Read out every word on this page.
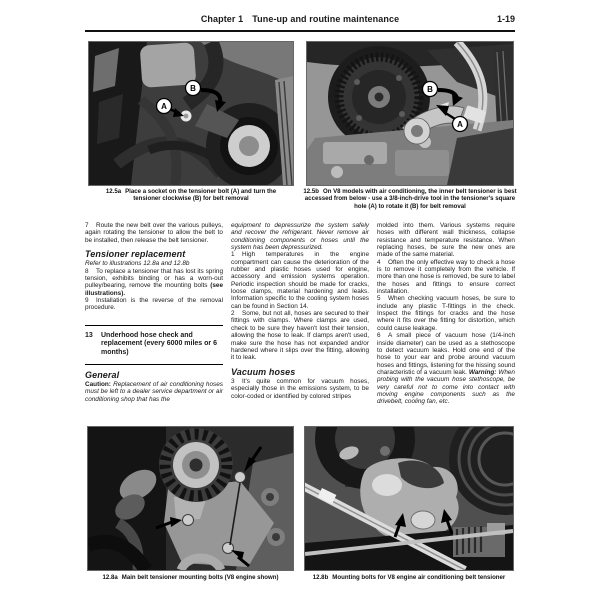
Chapter 1 Tune-up and routine maintenance	1-19
B
A
B
A
12.5a Place a socket on the tensioner bolt (A) and turn the tensioner clockwise (B) for belt removal
12.5b On V8 models with air conditioning, the inner belt tensioner is best accessed from below - use a 3/8-inch-drive tool in the tensioner's square hole (A) to rotate it (B) for belt removal

7 Route the new belt over the various pulleys, again rotating the tensioner to allow the belt to be installed, then release the belt tensioner.

Tensioner replacement

Refer to illustrations 12.8a and 12.8b

8 To replace a tensioner that has lost its spring tension, exhibits binding or has a worn-out pulley/bearing, remove the mounting bolts (see illustrations).

9 Installation is the reverse of the removal procedure.

13	Underhood hose check and replacement (every 6000 miles or 6 months)
General

Caution: Replacement of air conditioning hoses must be left to a dealer service department or air conditioning shop that has the

equipment to depressurize the system safely and recover the refrigerant. Never remove air conditioning components or hoses until the system has been depressurized.

1 High temperatures in the engine compartment can cause the deterioration of the rubber and plastic hoses used for engine, accessory and emission systems operation. Periodic inspection should be made for cracks, loose clamps, material hardening and leaks. Information specific to the cooling system hoses can be found in Section 14.

2 Some, but not all, hoses are secured to their fittings with clamps. Where clamps are used, check to be sure they haven't lost their tension, allowing the hose to leak. If clamps aren't used, make sure the hose has not expanded and/or hardened where it slips over the fitting, allowing it to leak.

Vacuum hoses

3 It's quite common for vacuum hoses, especially those in the emissions system, to be color-coded or identified by colored stripes

molded into them. Various systems require hoses with different wall thickness, collapse resistance and temperature resistance. When replacing hoses, be sure the new ones are made of the same material.

4 Often the only effective way to check a hose is to remove it completely from the vehicle. If more than one hose is removed, be sure to label the hoses and fittings to ensure correct installation.

5 When checking vacuum hoses, be sure to include any plastic T-fittings in the check. Inspect the fittings for cracks and the hose where it fits over the fitting for distortion, which could cause leakage.

6 A small piece of vacuum hose (1/4-inch inside diameter) can be used as a stethoscope to detect vacuum leaks. Hold one end of the hose to your ear and probe around vacuum hoses and fittings, listening for the hissing sound characteristic of a vacuum leak. Warning: When probing with the vacuum hose stethoscope, be very careful not to come into contact with moving engine components such as the drivebelt, cooling fan, etc.

12.8a Main belt tensioner mounting bolts (V8 engine shown)	12.8b Mounting bolts for V8 engine air conditioning belt tensioner
